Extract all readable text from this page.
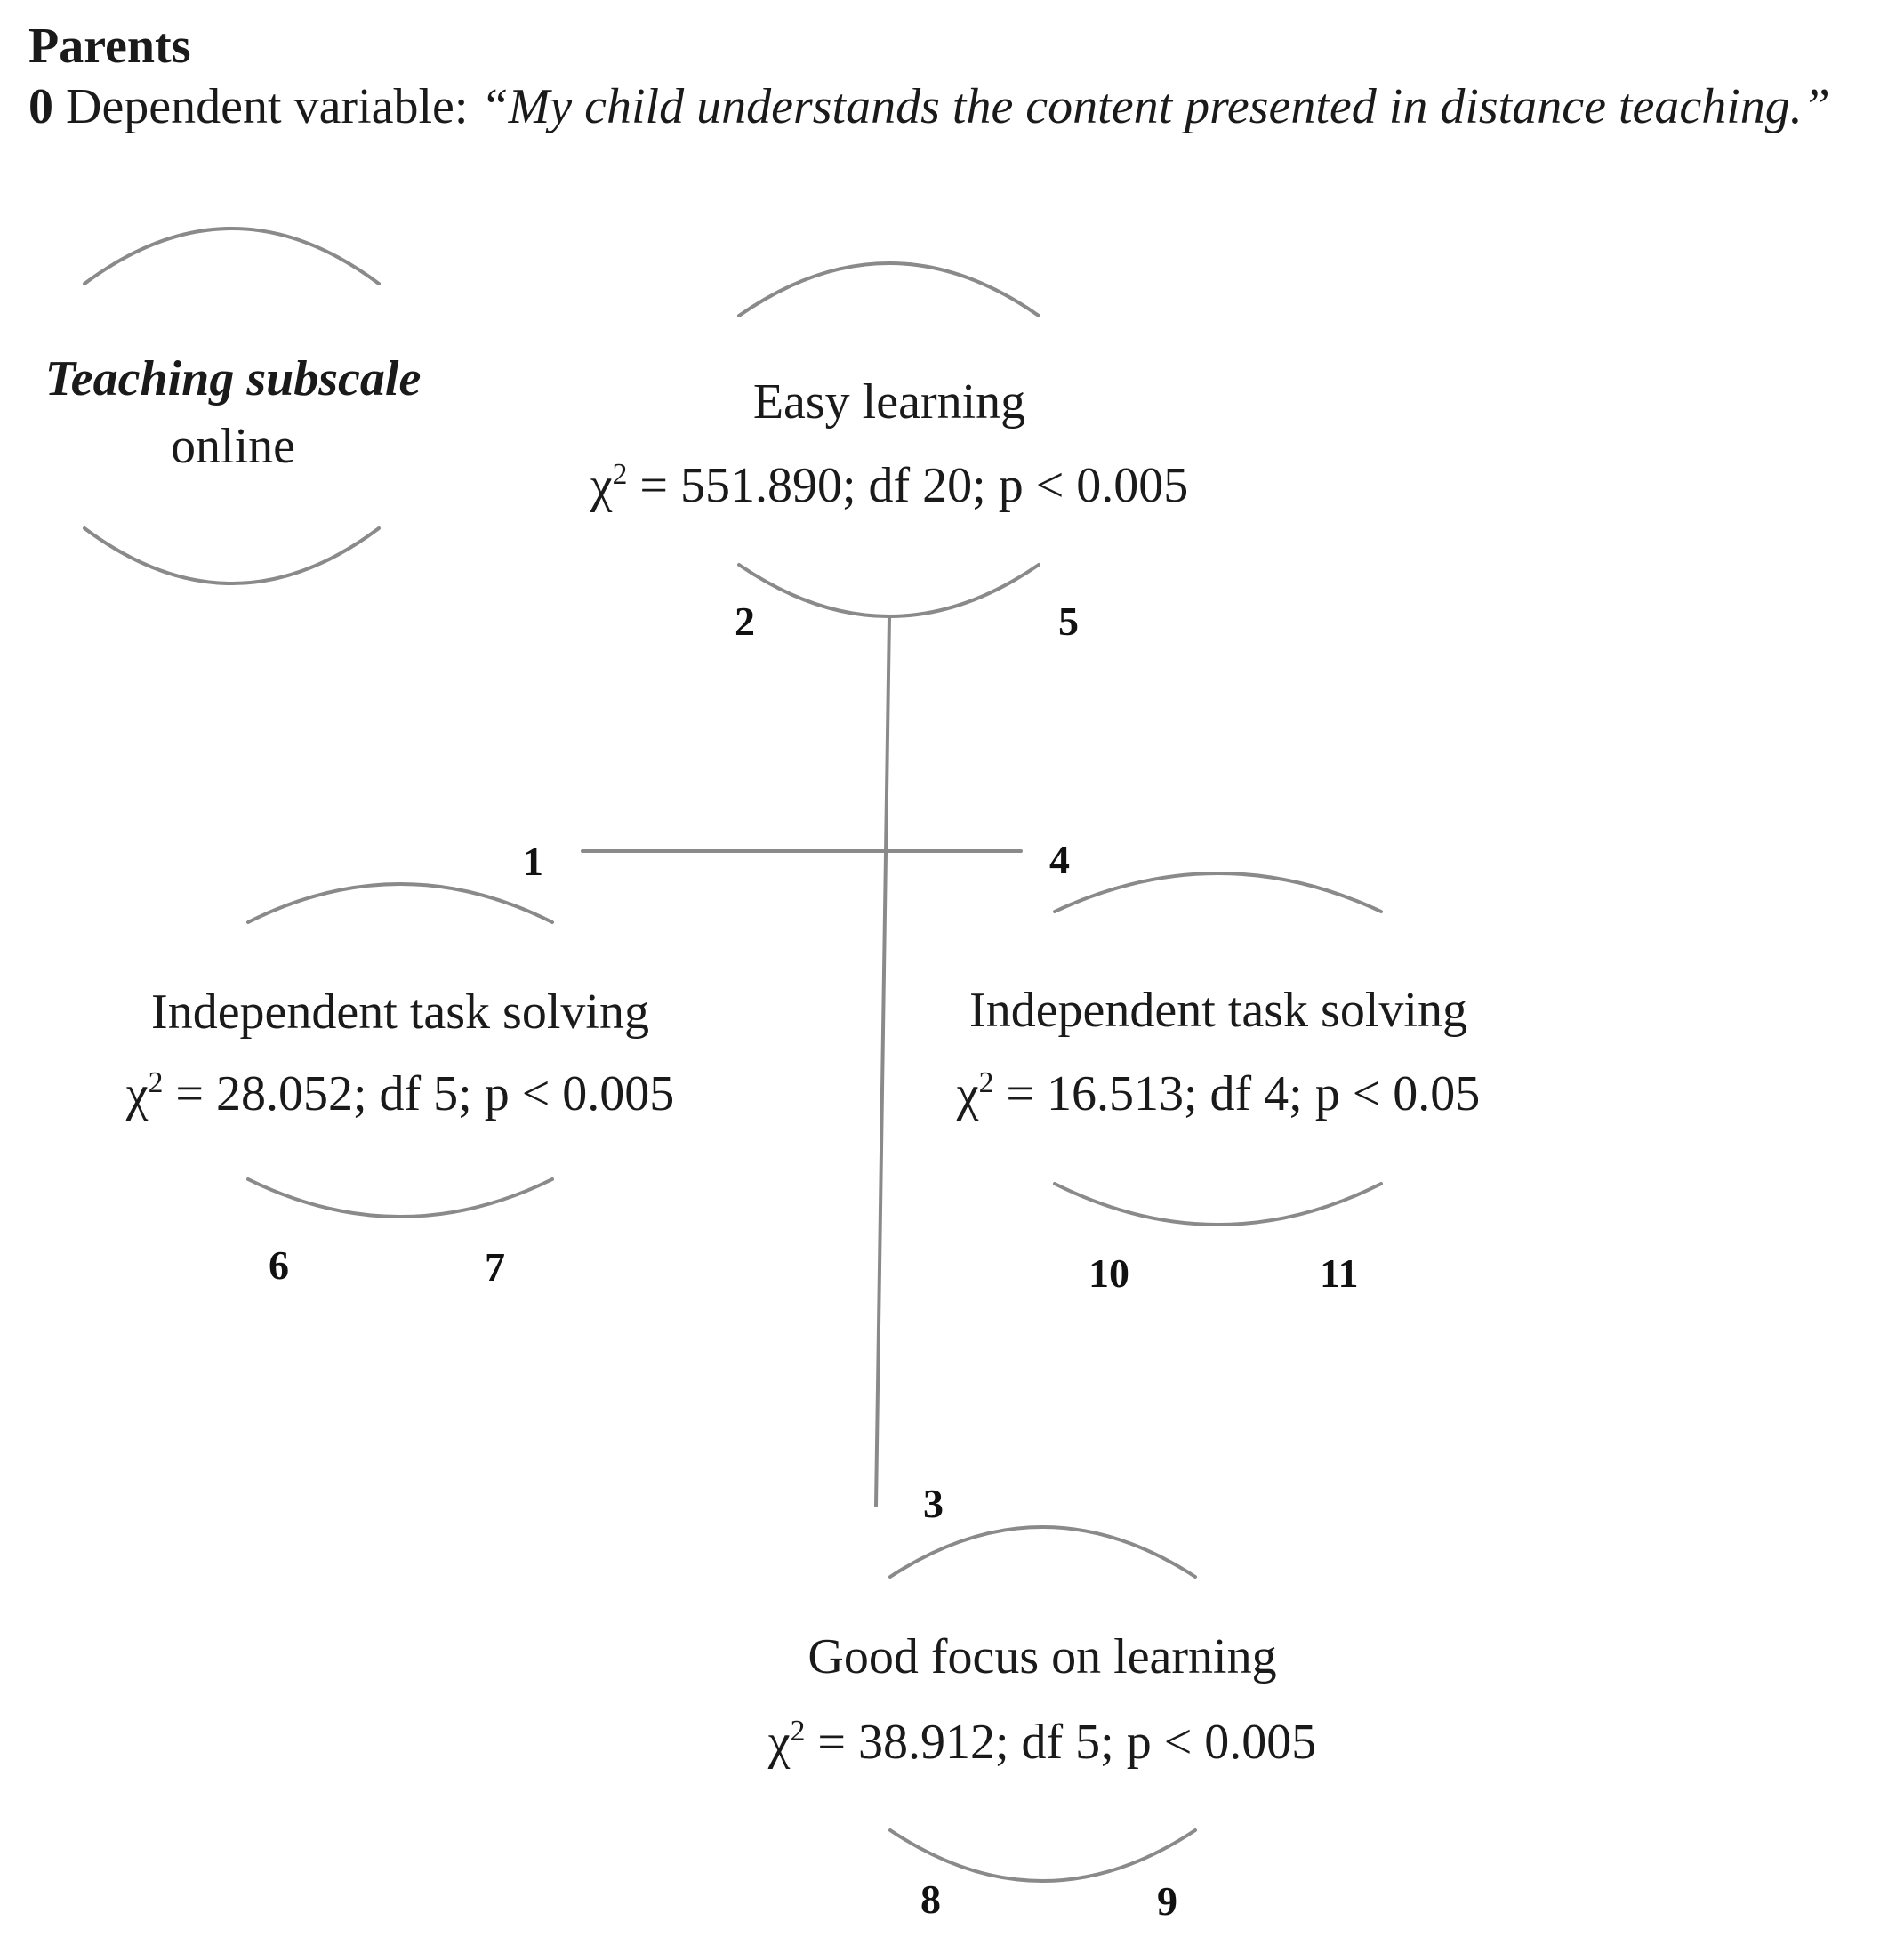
Parents
0 Dependent variable: “My child understands the content presented in distance teaching.”
Teaching subscale
online
Easy learning
$\chi^2 = 551.890$; df 20; p < 0.005
Independent task solving
$\chi^2 = 28.052$; df 5; p < 0.005
Independent task solving
$\chi^2 = 16.513$; df 4; p < 0.05
Good focus on learning
$\chi^2 = 38.912$; df 5; p < 0.005
1
2
3
4
5
6	7
8	9
10	11
